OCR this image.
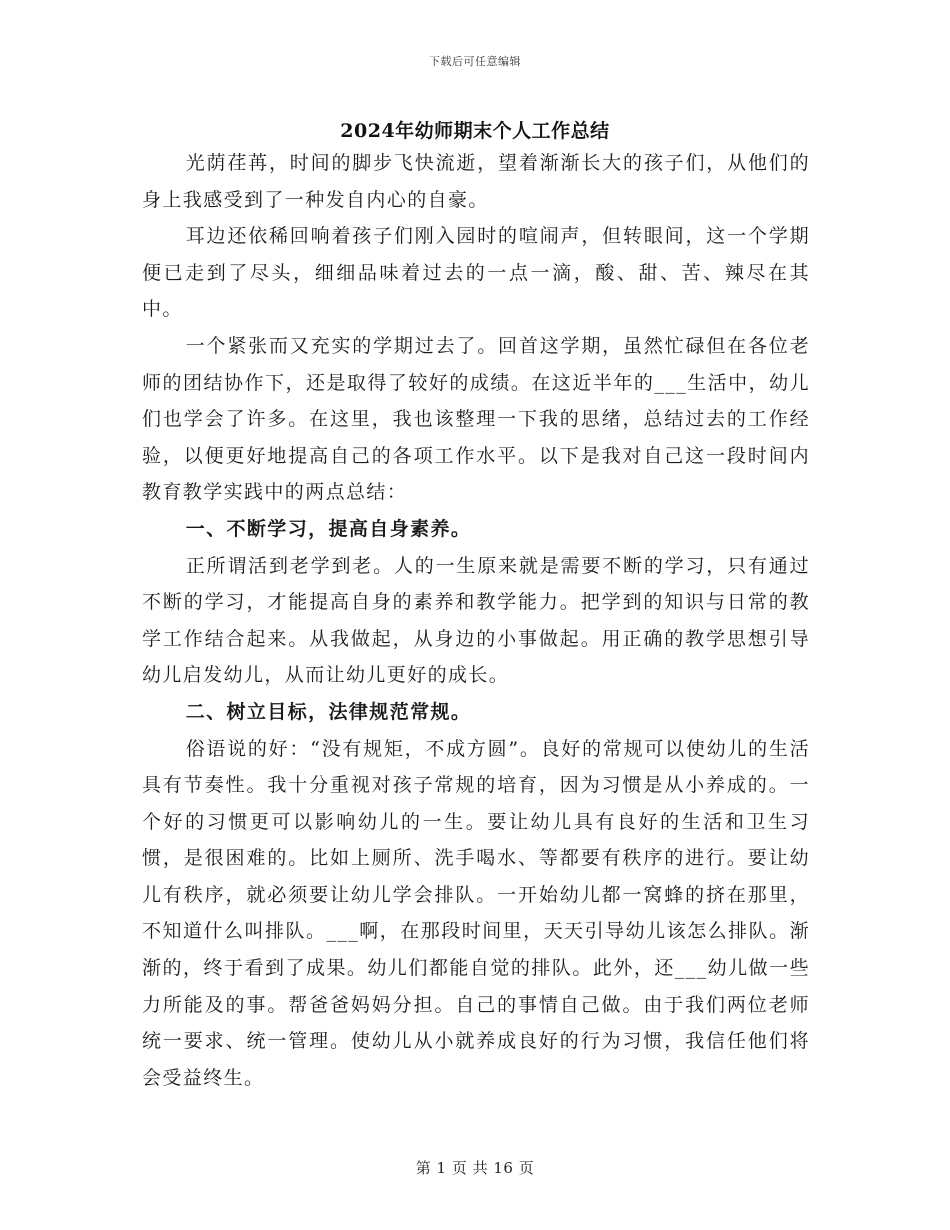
下载后可任意编辑
2024年幼师期末个人工作总结

光荫荏苒，时间的脚步飞快流逝，望着渐渐长大的孩子们，从他们的身上我感受到了一种发自内心的自豪。

耳边还依稀回响着孩子们刚入园时的喧闹声，但转眼间，这一个学期便已走到了尽头，细细品味着过去的一点一滴，酸、甜、苦、辣尽在其中。

一个紧张而又充实的学期过去了。回首这学期，虽然忙碌但在各位老师的团结协作下，还是取得了较好的成绩。在这近半年的___生活中，幼儿们也学会了许多。在这里，我也该整理一下我的思绪，总结过去的工作经验，以便更好地提高自己的各项工作水平。以下是我对自己这一段时间内教育教学实践中的两点总结：

一、不断学习，提高自身素养。

正所谓活到老学到老。人的一生原来就是需要不断的学习，只有通过不断的学习，才能提高自身的素养和教学能力。把学到的知识与日常的教学工作结合起来。从我做起，从身边的小事做起。用正确的教学思想引导幼儿启发幼儿，从而让幼儿更好的成长。

二、树立目标，法律规范常规。

俗语说的好：“没有规矩，不成方圆”。良好的常规可以使幼儿的生活具有节奏性。我十分重视对孩子常规的培育，因为习惯是从小养成的。一个好的习惯更可以影响幼儿的一生。要让幼儿具有良好的生活和卫生习惯，是很困难的。比如上厕所、洗手喝水、等都要有秩序的进行。要让幼儿有秩序，就必须要让幼儿学会排队。一开始幼儿都一窝蜂的挤在那里，不知道什么叫排队。___啊，在那段时间里，天天引导幼儿该怎么排队。渐渐的，终于看到了成果。幼儿们都能自觉的排队。此外，还___幼儿做一些力所能及的事。帮爸爸妈妈分担。自己的事情自己做。由于我们两位老师统一要求、统一管理。使幼儿从小就养成良好的行为习惯，我信任他们将会受益终生。

第 1 页 共 16 页
